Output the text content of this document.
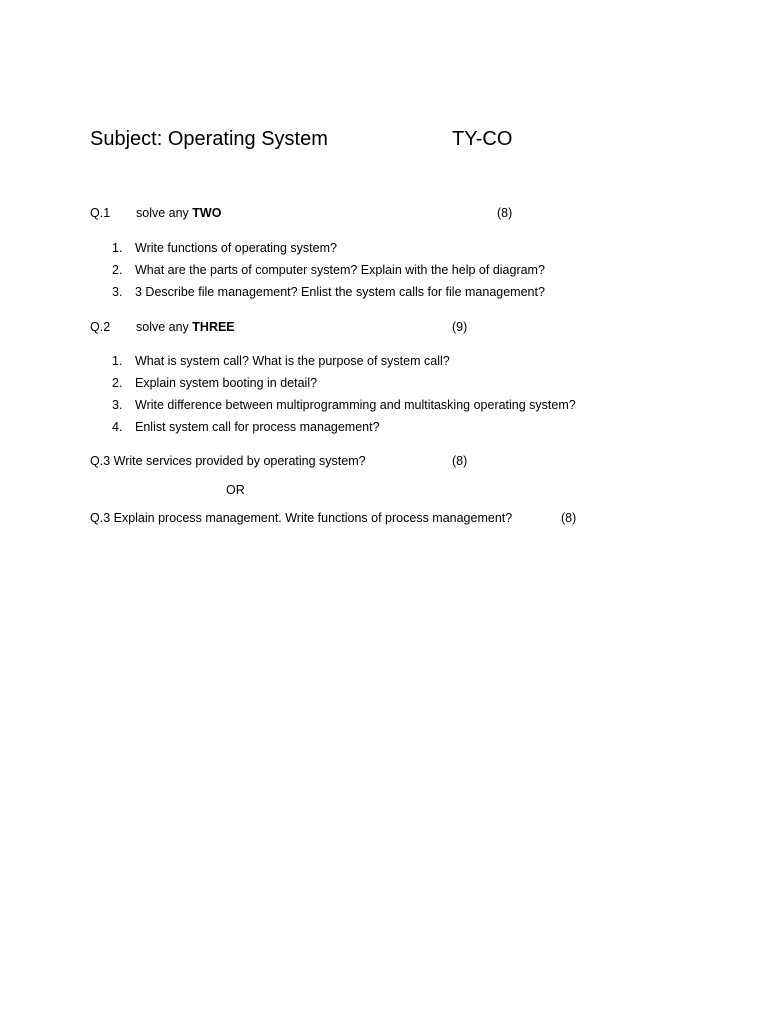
Subject: Operating System	TY-CO
Q.1 solve any TWO	(8)
1. Write functions of operating system?
2. What are the parts of computer system? Explain with the help of diagram?
3. 3 Describe file management? Enlist the system calls for file management?
Q.2 solve any THREE	(9)
1. What is system call? What is the purpose of system call?
2. Explain system booting in detail?
3. Write difference between multiprogramming and multitasking operating system?
4. Enlist system call for process management?
Q.3 Write services provided by operating system?	(8)
OR
Q.3 Explain process management. Write functions of process management?	(8)
